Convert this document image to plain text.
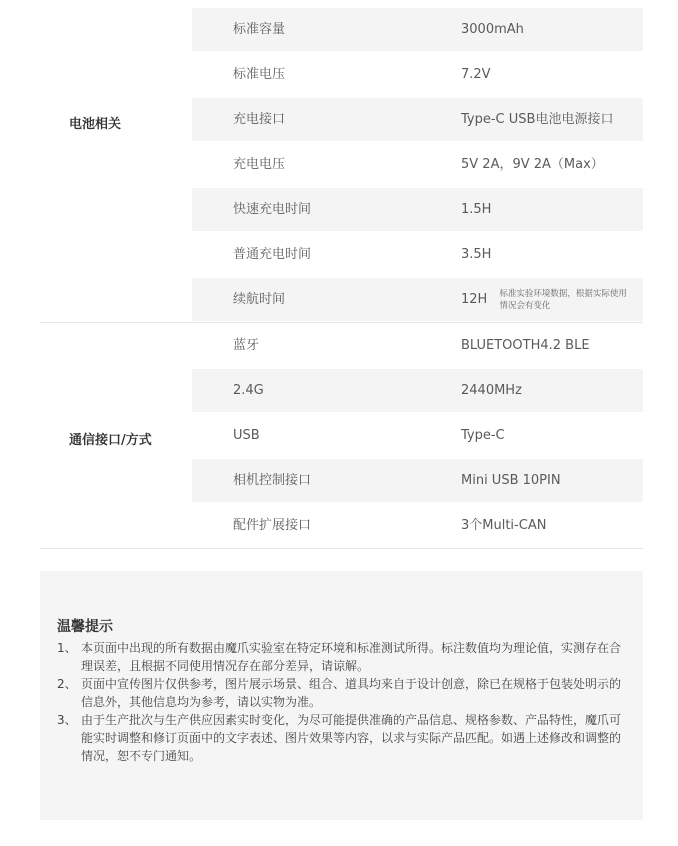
电池相关
标准容量	3000mAh
标准电压	7.2V
充电接口	Type-C USB电池电源接口
充电电压	5V 2A，9V 2A（Max）
快速充电时间	1.5H
普通充电时间	3.5H
续航时间	12H 标准实验环境数据，根据实际使用情况会有变化
通信接口/方式
蓝牙	BLUETOOTH4.2 BLE
2.4G	2440MHz
USB	Type-C
相机控制接口	Mini USB 10PIN
配件扩展接口	3个Multi-CAN
温馨提示
1、 本页面中出现的所有数据由魔爪实验室在特定环境和标准测试所得。标注数值均为理论值，实测存在合理误差，且根据不同使用情况存在部分差异，请谅解。
2、 页面中宣传图片仅供参考，图片展示场景、组合、道具均来自于设计创意，除已在规格于包装处明示的信息外，其他信息均为参考，请以实物为准。
3、 由于生产批次与生产供应因素实时变化，为尽可能提供准确的产品信息、规格参数、产品特性，魔爪可能实时调整和修订页面中的文字表述、图片效果等内容，以求与实际产品匹配。如遇上述修改和调整的情况，恕不专门通知。
